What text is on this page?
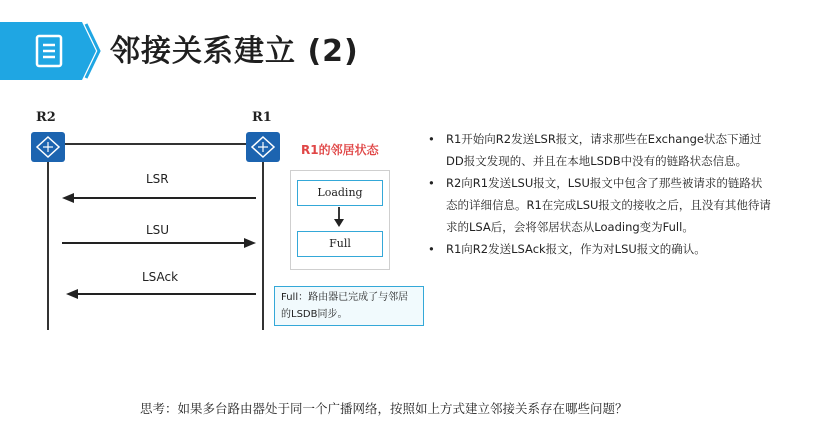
邻接关系建立 (2)
R2	R1
LSR
LSU
LSAck
R1的邻居状态
Loading
Full
Full：路由器已完成了与邻居
的LSDB同步。
• R1开始向R2发送LSR报文，请求那些在Exchange状态下通过
DD报文发现的、并且在本地LSDB中没有的链路状态信息。
• R2向R1发送LSU报文，LSU报文中包含了那些被请求的链路状
态的详细信息。R1在完成LSU报文的接收之后，且没有其他待请
求的LSA后，会将邻居状态从Loading变为Full。
• R1向R2发送LSAck报文，作为对LSU报文的确认。
思考：如果多台路由器处于同一个广播网络，按照如上方式建立邻接关系存在哪些问题？
